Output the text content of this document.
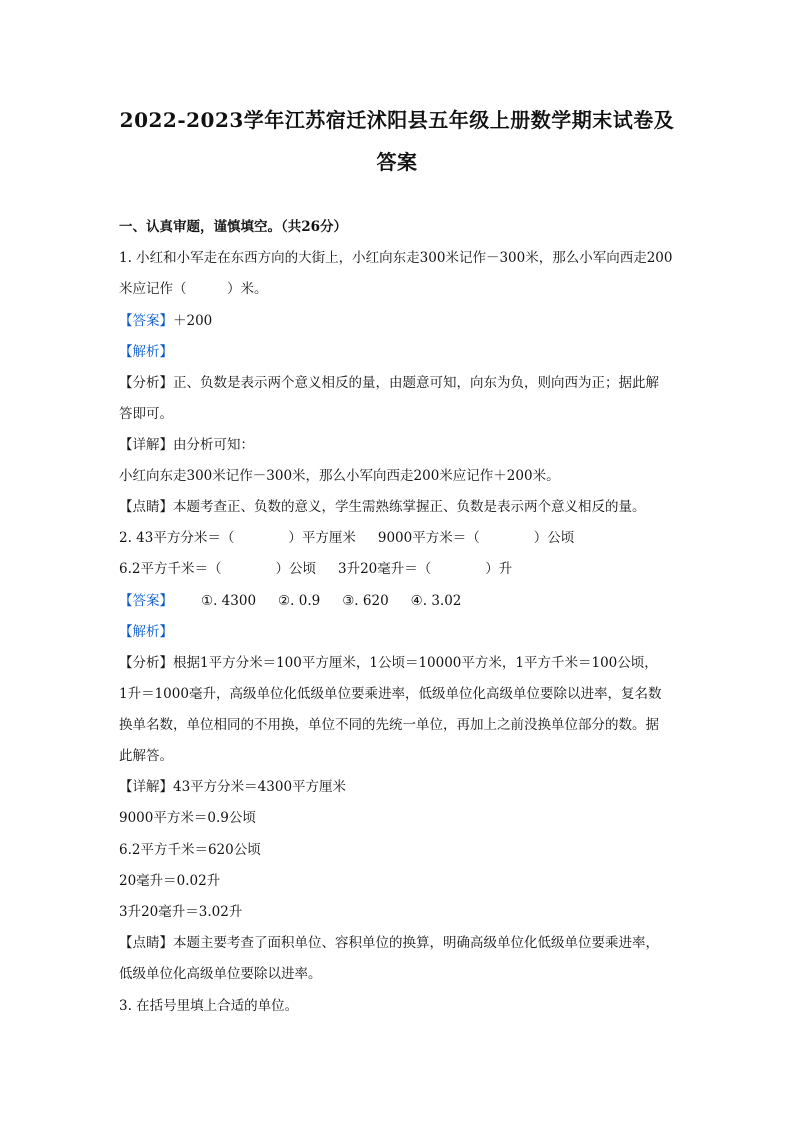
2022-2023学年江苏宿迁沭阳县五年级上册数学期末试卷及
答案
一、认真审题，谨慎填空。（共26分）
1. 小红和小军走在东西方向的大街上，小红向东走300米记作－300米，那么小军向西走200
米应记作（　　　）米。
【答案】＋200
【解析】
【分析】正、负数是表示两个意义相反的量，由题意可知，向东为负，则向西为正；据此解
答即可。
【详解】由分析可知：
小红向东走300米记作－300米，那么小军向西走200米应记作＋200米。
【点睛】本题考查正、负数的意义，学生需熟练掌握正、负数是表示两个意义相反的量。
2. 43平方分米＝（　　　　）平方厘米 9000平方米＝（　　　　）公顷
6.2平方千米＝（　　　　）公顷 3升20毫升＝（　　　　）升
【答案】 ①. 4300 ②. 0.9 ③. 620 ④. 3.02
【解析】
【分析】根据1平方分米＝100平方厘米，1公顷＝10000平方米，1平方千米＝100公顷，
1升＝1000毫升，高级单位化低级单位要乘进率，低级单位化高级单位要除以进率，复名数
换单名数，单位相同的不用换，单位不同的先统一单位，再加上之前没换单位部分的数。据
此解答。
【详解】43平方分米＝4300平方厘米
9000平方米＝0.9公顷
6.2平方千米＝620公顷
20毫升＝0.02升
3升20毫升＝3.02升
【点睛】本题主要考查了面积单位、容积单位的换算，明确高级单位化低级单位要乘进率，
低级单位化高级单位要除以进率。
3. 在括号里填上合适的单位。
